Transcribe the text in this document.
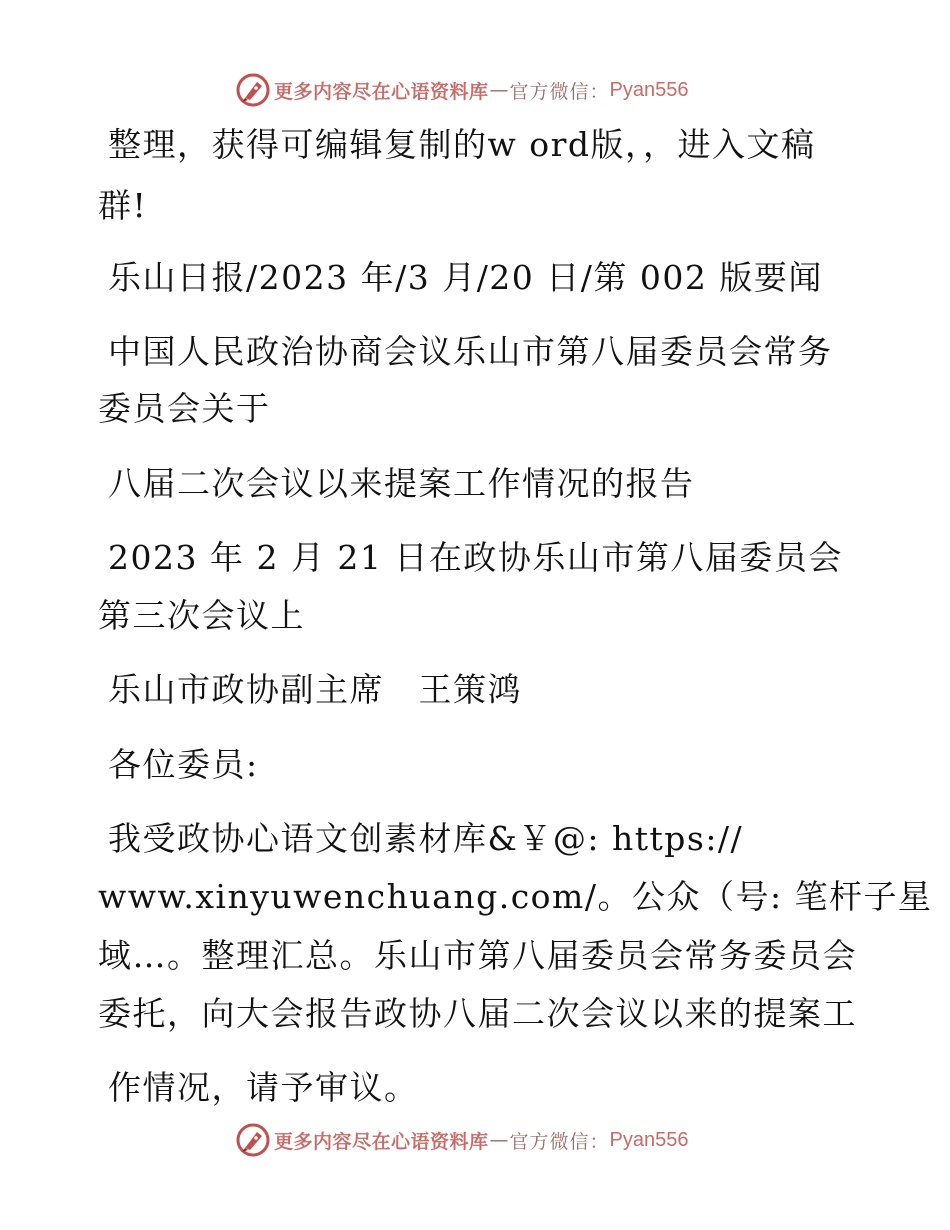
更多内容尽在心语资料库 — 官方微信： Pyan556
整理，获得可编辑复制的w ord版，，进入文稿
群!
乐山日报/2023 年/3 月/20 日/第 002 版要闻
中国人民政治协商会议乐山市第八届委员会常务
委员会关于
八届二次会议以来提案工作情况的报告
2023 年 2 月 21 日在政协乐山市第八届委员会
第三次会议上
乐山市政协副主席　王策鸿
各位委员:
我受政协心语文创素材库&￥@: https://
www.xinyuwenchuang.com/。公众（号: 笔杆子星
域…。整理汇总。乐山市第八届委员会常务委员会
委托，向大会报告政协八届二次会议以来的提案工
作情况，请予审议。
更多内容尽在心语资料库 — 官方微信： Pyan556
